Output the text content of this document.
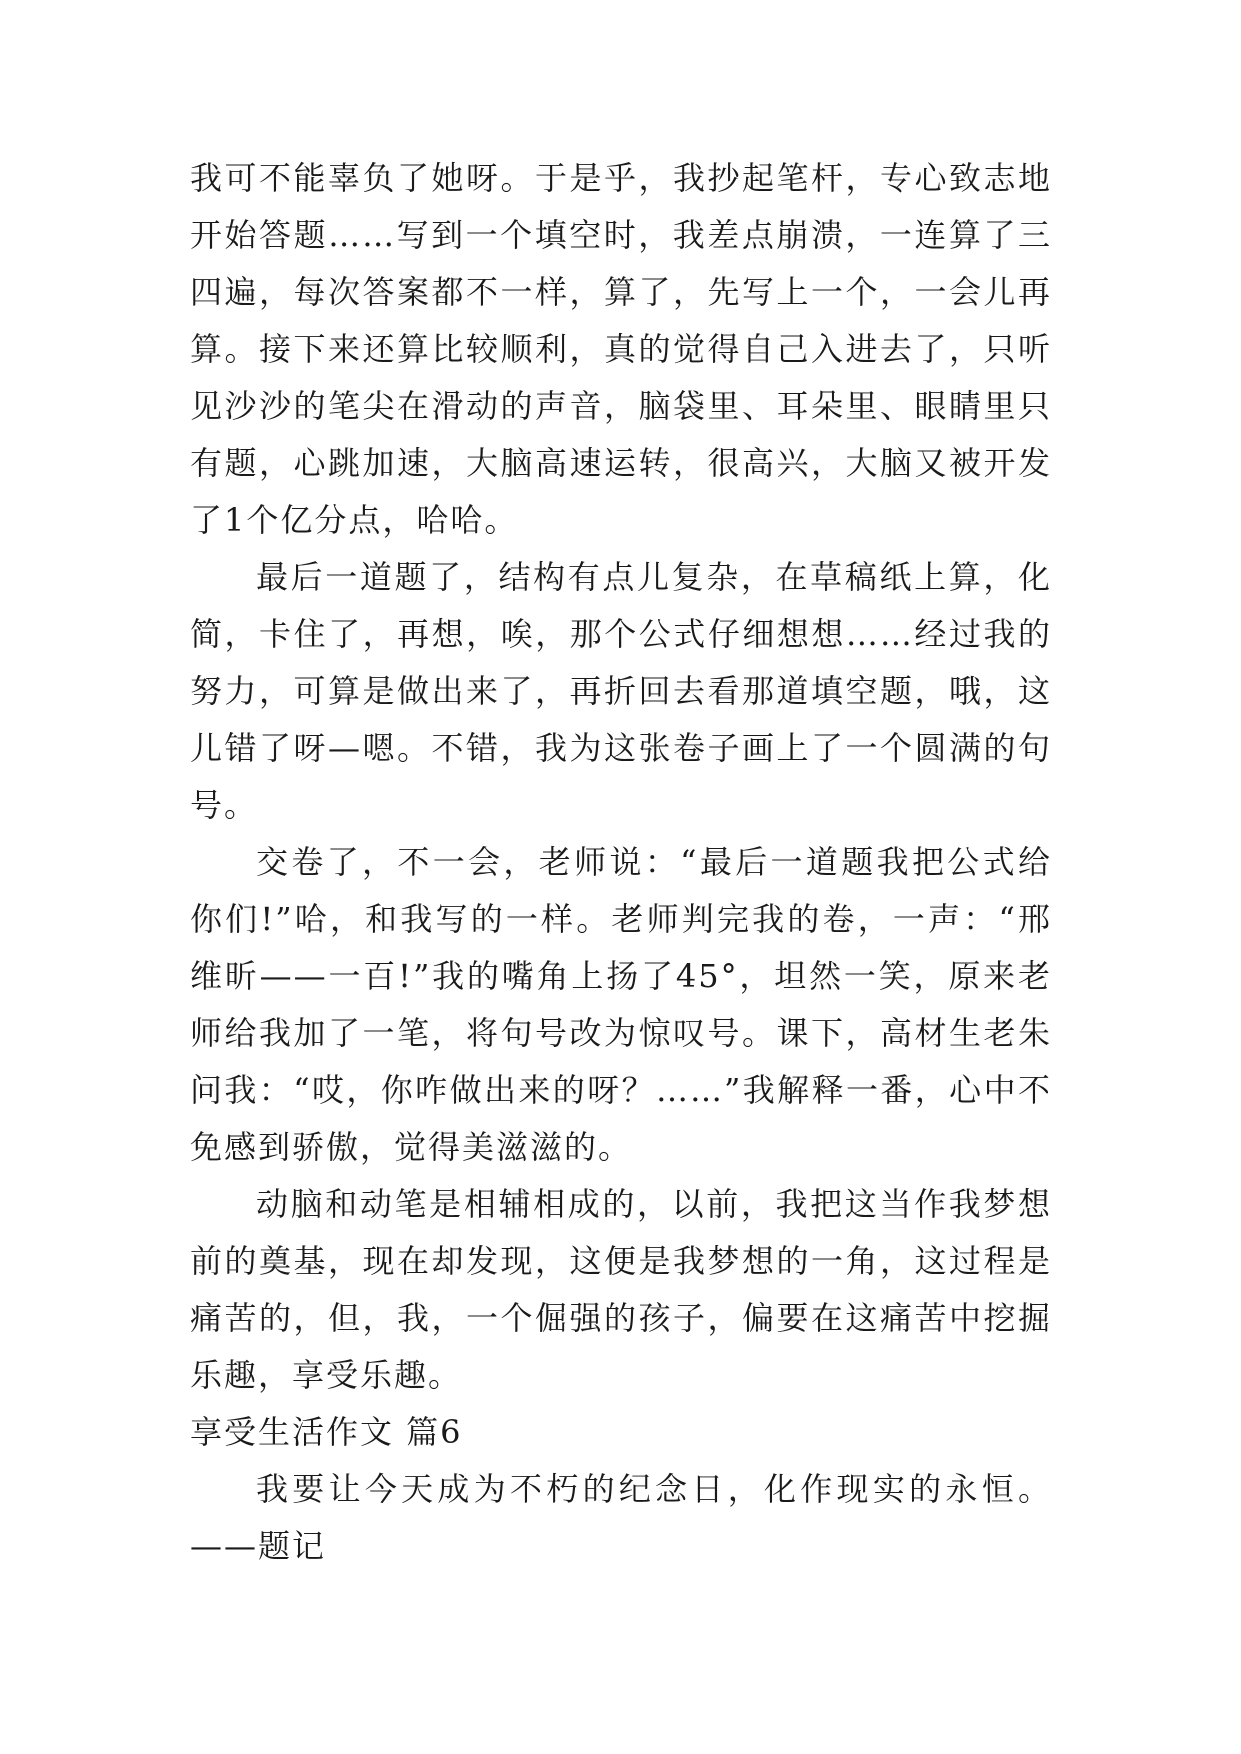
我可不能辜负了她呀。于是乎，我抄起笔杆，专心致志地开始答题……写到一个填空时，我差点崩溃，一连算了三四遍，每次答案都不一样，算了，先写上一个，一会儿再算。接下来还算比较顺利，真的觉得自己入进去了，只听见沙沙的笔尖在滑动的声音，脑袋里、耳朵里、眼睛里只有题，心跳加速，大脑高速运转，很高兴，大脑又被开发了1个亿分点，哈哈。

最后一道题了，结构有点儿复杂，在草稿纸上算，化简，卡住了，再想，唉，那个公式仔细想想……经过我的努力，可算是做出来了，再折回去看那道填空题，哦，这儿错了呀—嗯。不错，我为这张卷子画上了一个圆满的句号。

交卷了，不一会，老师说：“最后一道题我把公式给你们!”哈，和我写的一样。老师判完我的卷，一声：“邢维昕——一百!”我的嘴角上扬了45°，坦然一笑，原来老师给我加了一笔，将句号改为惊叹号。课下，高材生老朱问我：“哎，你咋做出来的呀？……”我解释一番，心中不免感到骄傲，觉得美滋滋的。

动脑和动笔是相辅相成的，以前，我把这当作我梦想前的奠基，现在却发现，这便是我梦想的一角，这过程是痛苦的，但，我，一个倔强的孩子，偏要在这痛苦中挖掘乐趣，享受乐趣。

享受生活作文 篇6

我要让今天成为不朽的纪念日，化作现实的永恒。——题记
